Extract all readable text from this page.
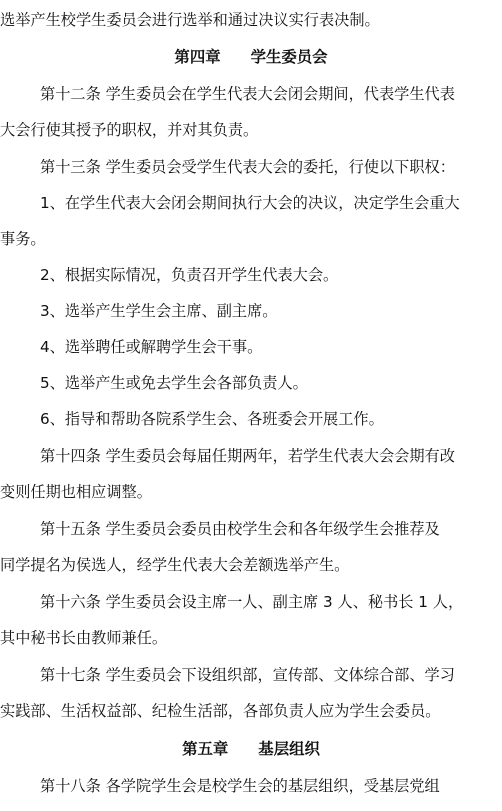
选举产生校学生委员会进行选举和通过决议实行表决制。
第四章 学生委员会
第十二条 学生委员会在学生代表大会闭会期间，代表学生代表
大会行使其授予的职权，并对其负责。
第十三条 学生委员会受学生代表大会的委托，行使以下职权：
1、在学生代表大会闭会期间执行大会的决议，决定学生会重大
事务。
2、根据实际情况，负责召开学生代表大会。
3、选举产生学生会主席、副主席。
4、选举聘任或解聘学生会干事。
5、选举产生或免去学生会各部负责人。
6、指导和帮助各院系学生会、各班委会开展工作。
第十四条 学生委员会每届任期两年，若学生代表大会会期有改
变则任期也相应调整。
第十五条 学生委员会委员由校学生会和各年级学生会推荐及
同学提名为侯选人，经学生代表大会差额选举产生。
第十六条 学生委员会设主席一人、副主席 3 人、秘书长 1 人，
其中秘书长由教师兼任。
第十七条 学生委员会下设组织部，宣传部、文体综合部、学习
实践部、生活权益部、纪检生活部，各部负责人应为学生会委员。
第五章 基层组织
第十八条 各学院学生会是校学生会的基层组织，受基层党组
